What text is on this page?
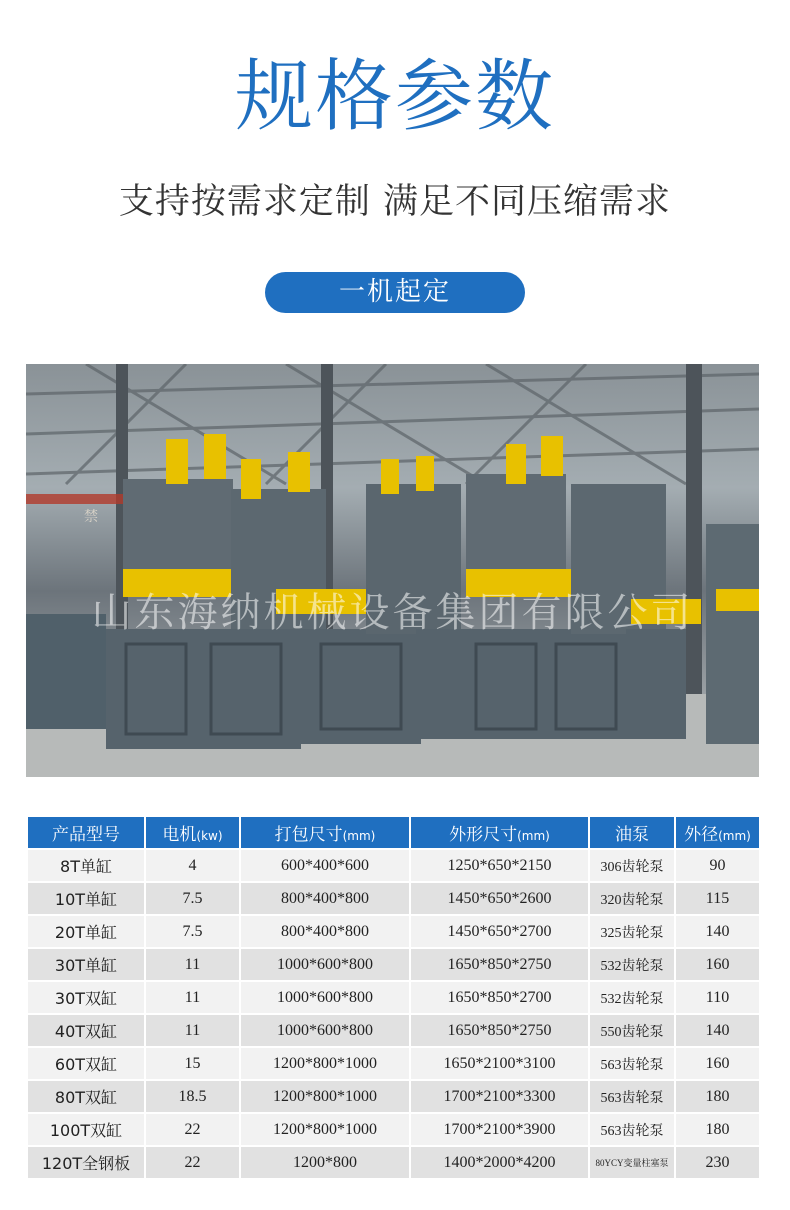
规格参数
支持按需求定制 满足不同压缩需求
一机起定
禁
山东海纳机械设备集团有限公司
产品型号	电机(kw)	打包尺寸(mm)	外形尺寸(mm)	油泵	外径(mm)
8T单缸	4	600*400*600	1250*650*2150	306齿轮泵	90
10T单缸	7.5	800*400*800	1450*650*2600	320齿轮泵	115
20T单缸	7.5	800*400*800	1450*650*2700	325齿轮泵	140
30T单缸	11	1000*600*800	1650*850*2750	532齿轮泵	160
30T双缸	11	1000*600*800	1650*850*2700	532齿轮泵	110
40T双缸	11	1000*600*800	1650*850*2750	550齿轮泵	140
60T双缸	15	1200*800*1000	1650*2100*3100	563齿轮泵	160
80T双缸	18.5	1200*800*1000	1700*2100*3300	563齿轮泵	180
100T双缸	22	1200*800*1000	1700*2100*3900	563齿轮泵	180
120T全钢板	22	1200*800	1400*2000*4200	80YCY变量柱塞泵	230
